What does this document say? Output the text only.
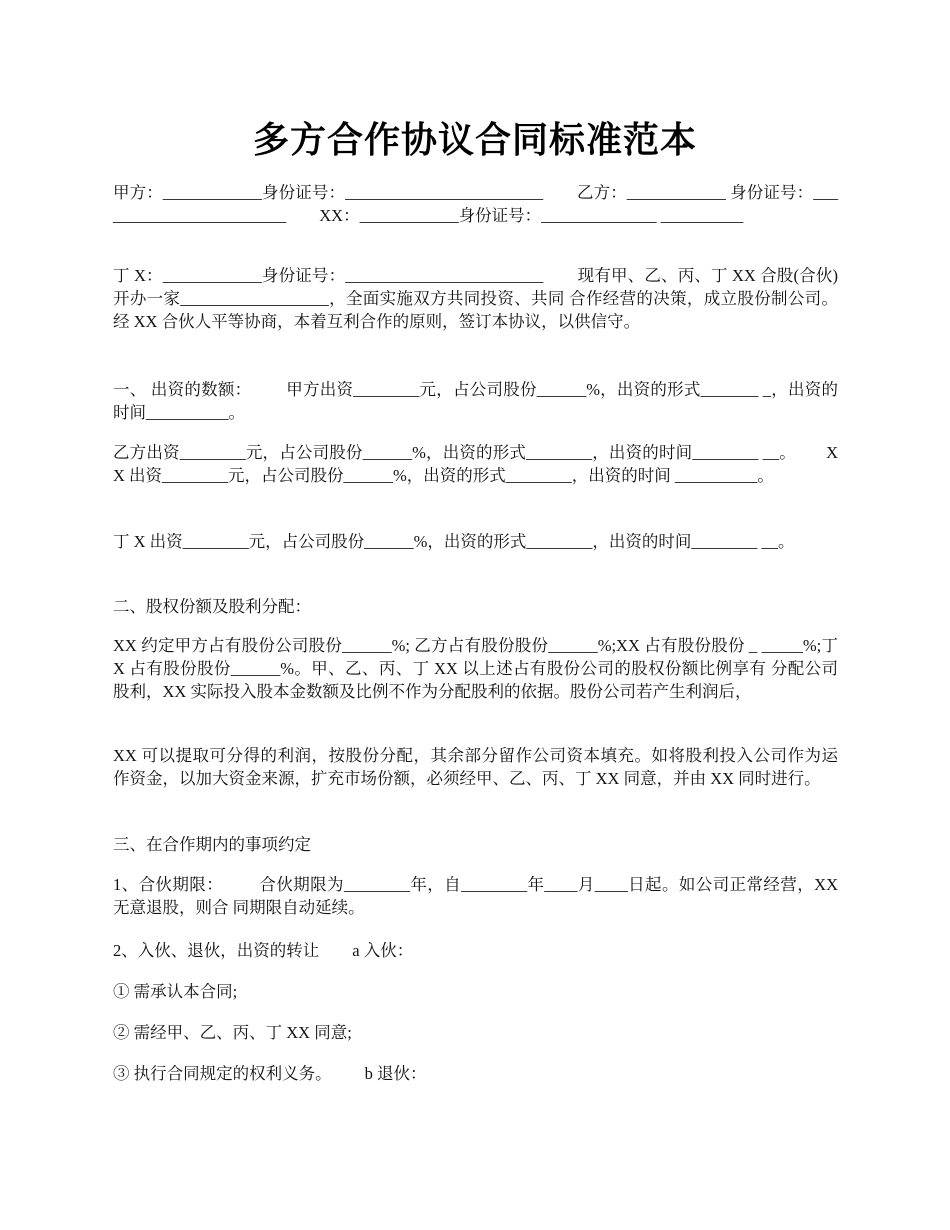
多方合作协议合同标准范本
甲方：____________身份证号：________________________        乙方：____________ 身份证号：________________________        XX：____________身份证号：______________ __________
丁 X：____________身份证号：________________________        现有甲、乙、丙、丁 XX 合股(合伙)开办一家__________________，全面实施双方共同投资、共同 合作经营的决策，成立股份制公司。经 XX 合伙人平等协商，本着互利合作的原则，签订本协议，以供信守。
一、 出资的数额：        甲方出资________元，占公司股份______%，出资的形式_______ _，出资的时间__________。
乙方出资________元，占公司股份______%，出资的形式________，出资的时间________ __。       XX 出资________元，占公司股份______%，出资的形式________，出资的时间 __________。
丁 X 出资________元，占公司股份______%，出资的形式________，出资的时间________ __。
二、股权份额及股利分配：
XX 约定甲方占有股份公司股份______%; 乙方占有股份股份______%;XX 占有股份股份 _ _____%;丁 X 占有股份股份______%。甲、乙、丙、丁 XX 以上述占有股份公司的股权份额比例享有 分配公司股利，XX 实际投入股本金数额及比例不作为分配股利的依据。股份公司若产生利润后，
XX 可以提取可分得的利润，按股份分配，其余部分留作公司资本填充。如将股利投入公司作为运 作资金，以加大资金来源，扩充市场份额，必须经甲、乙、丙、丁 XX 同意，并由 XX 同时进行。
三、在合作期内的事项约定
1、合伙期限：        合伙期限为________年，自________年____月____日起。如公司正常经营，XX 无意退股，则合 同期限自动延续。
2、入伙、退伙，出资的转让        a 入伙：
① 需承认本合同;
② 需经甲、乙、丙、丁 XX 同意;
③ 执行合同规定的权利义务。        b 退伙：
